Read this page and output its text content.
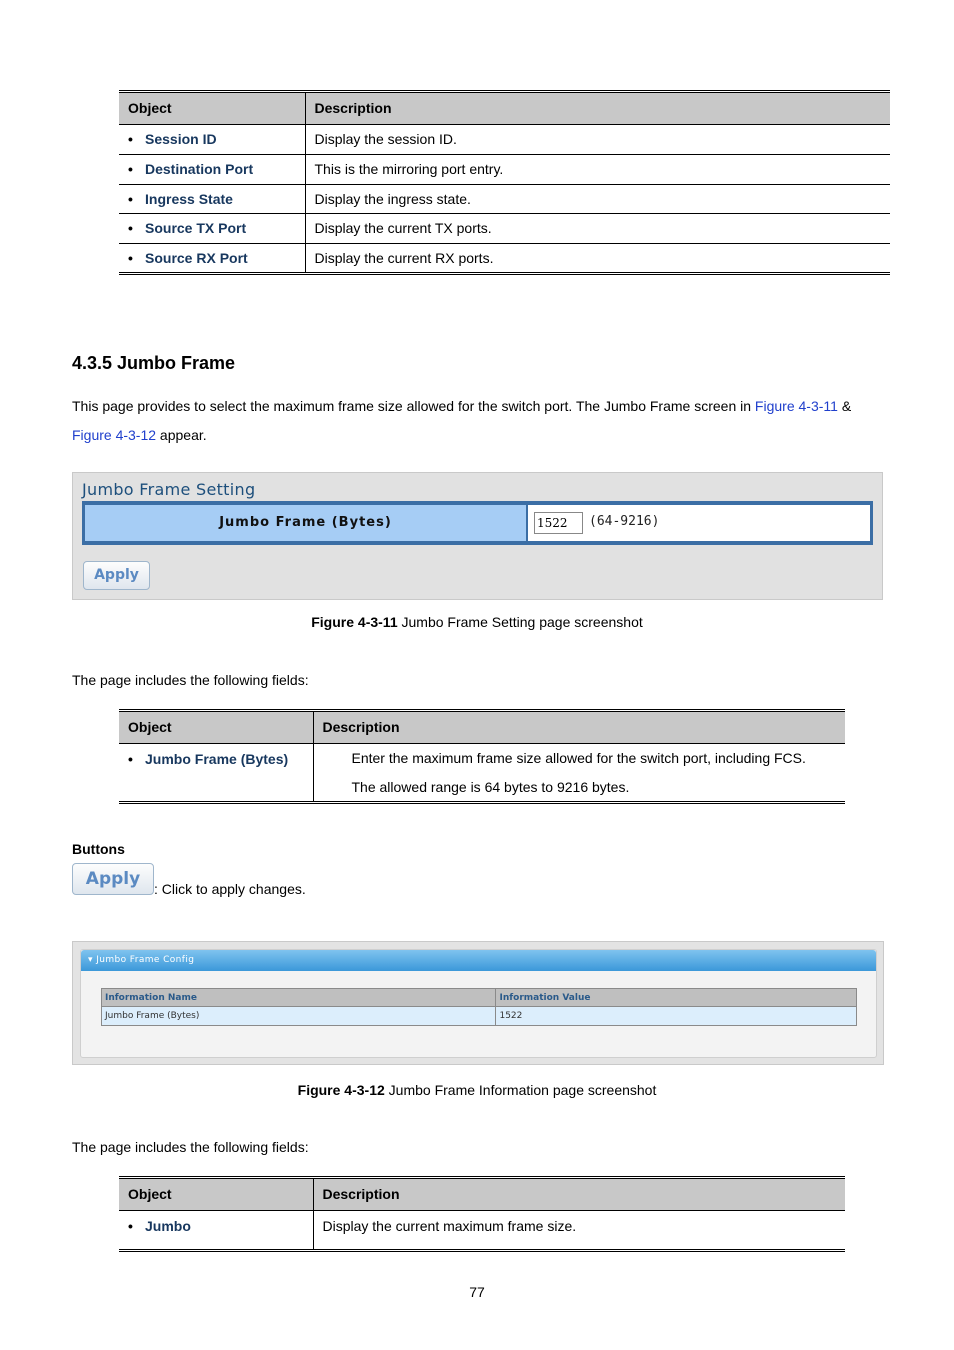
Object	Description
• Session ID	Display the session ID.
• Destination Port	This is the mirroring port entry.
• Ingress State	Display the ingress state.
• Source TX Port	Display the current TX ports.
• Source RX Port	Display the current RX ports.
4.3.5 Jumbo Frame
This page provides to select the maximum frame size allowed for the switch port. The Jumbo Frame screen in Figure 4-3-11 &
Figure 4-3-12 appear.
Jumbo Frame Setting
Jumbo Frame (Bytes)
1522	(64-9216)
Apply
Figure 4-3-11 Jumbo Frame Setting page screenshot
The page includes the following fields:
Object	Description
• Jumbo Frame (Bytes)	Enter the maximum frame size allowed for the switch port, including FCS.
The allowed range is 64 bytes to 9216 bytes.
Buttons
Apply : Click to apply changes.
▾ Jumbo Frame Config
Information Name	Information Value
Jumbo Frame (Bytes)	1522
Figure 4-3-12 Jumbo Frame Information page screenshot
The page includes the following fields:
Object	Description
• Jumbo	Display the current maximum frame size.
77
